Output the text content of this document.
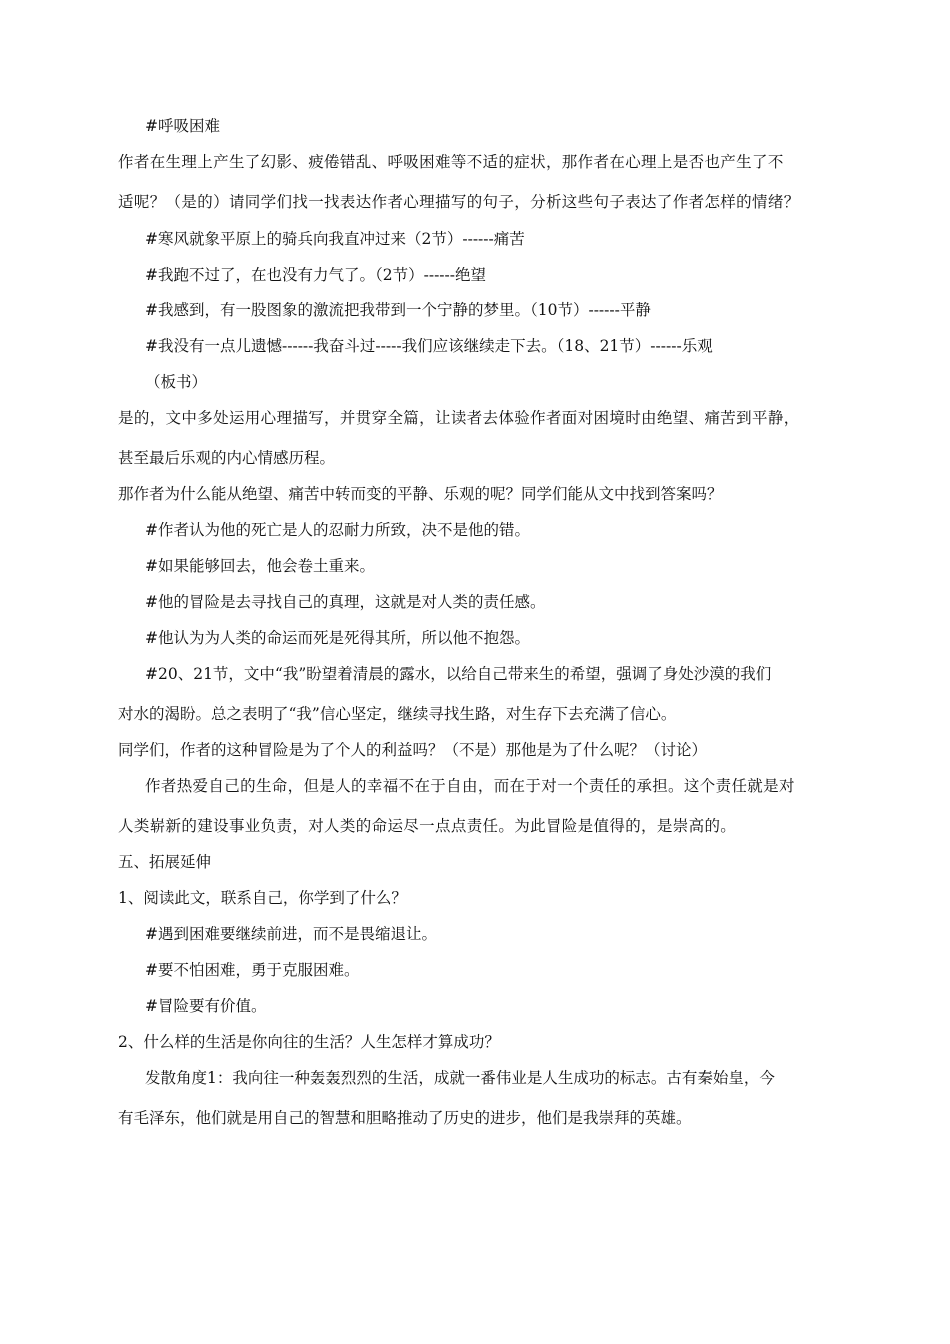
#呼吸困难
作者在生理上产生了幻影、疲倦错乱、呼吸困难等不适的症状，那作者在心理上是否也产生了不
适呢？（是的）请同学们找一找表达作者心理描写的句子，分析这些句子表达了作者怎样的情绪？
#寒风就象平原上的骑兵向我直冲过来（2节）------痛苦
#我跑不过了，在也没有力气了。（2节）------绝望
#我感到，有一股图象的激流把我带到一个宁静的梦里。（10节）------平静
#我没有一点儿遗憾------我奋斗过-----我们应该继续走下去。（18、21节）------乐观
（板书）
是的，文中多处运用心理描写，并贯穿全篇，让读者去体验作者面对困境时由绝望、痛苦到平静，
甚至最后乐观的内心情感历程。
那作者为什么能从绝望、痛苦中转而变的平静、乐观的呢？同学们能从文中找到答案吗？
#作者认为他的死亡是人的忍耐力所致，决不是他的错。
#如果能够回去，他会卷土重来。
#他的冒险是去寻找自己的真理，这就是对人类的责任感。
#他认为为人类的命运而死是死得其所，所以他不抱怨。
#20、21节，文中“我”盼望着清晨的露水，以给自己带来生的希望，强调了身处沙漠的我们
对水的渴盼。总之表明了“我”信心坚定，继续寻找生路，对生存下去充满了信心。
同学们，作者的这种冒险是为了个人的利益吗？（不是）那他是为了什么呢？（讨论）
作者热爱自己的生命，但是人的幸福不在于自由，而在于对一个责任的承担。这个责任就是对
人类崭新的建设事业负责，对人类的命运尽一点点责任。为此冒险是值得的，是崇高的。
五、拓展延伸
1、阅读此文，联系自己，你学到了什么？
#遇到困难要继续前进，而不是畏缩退让。
#要不怕困难，勇于克服困难。
#冒险要有价值。
2、什么样的生活是你向往的生活？人生怎样才算成功？
发散角度1：我向往一种轰轰烈烈的生活，成就一番伟业是人生成功的标志。古有秦始皇，今
有毛泽东，他们就是用自己的智慧和胆略推动了历史的进步，他们是我崇拜的英雄。
